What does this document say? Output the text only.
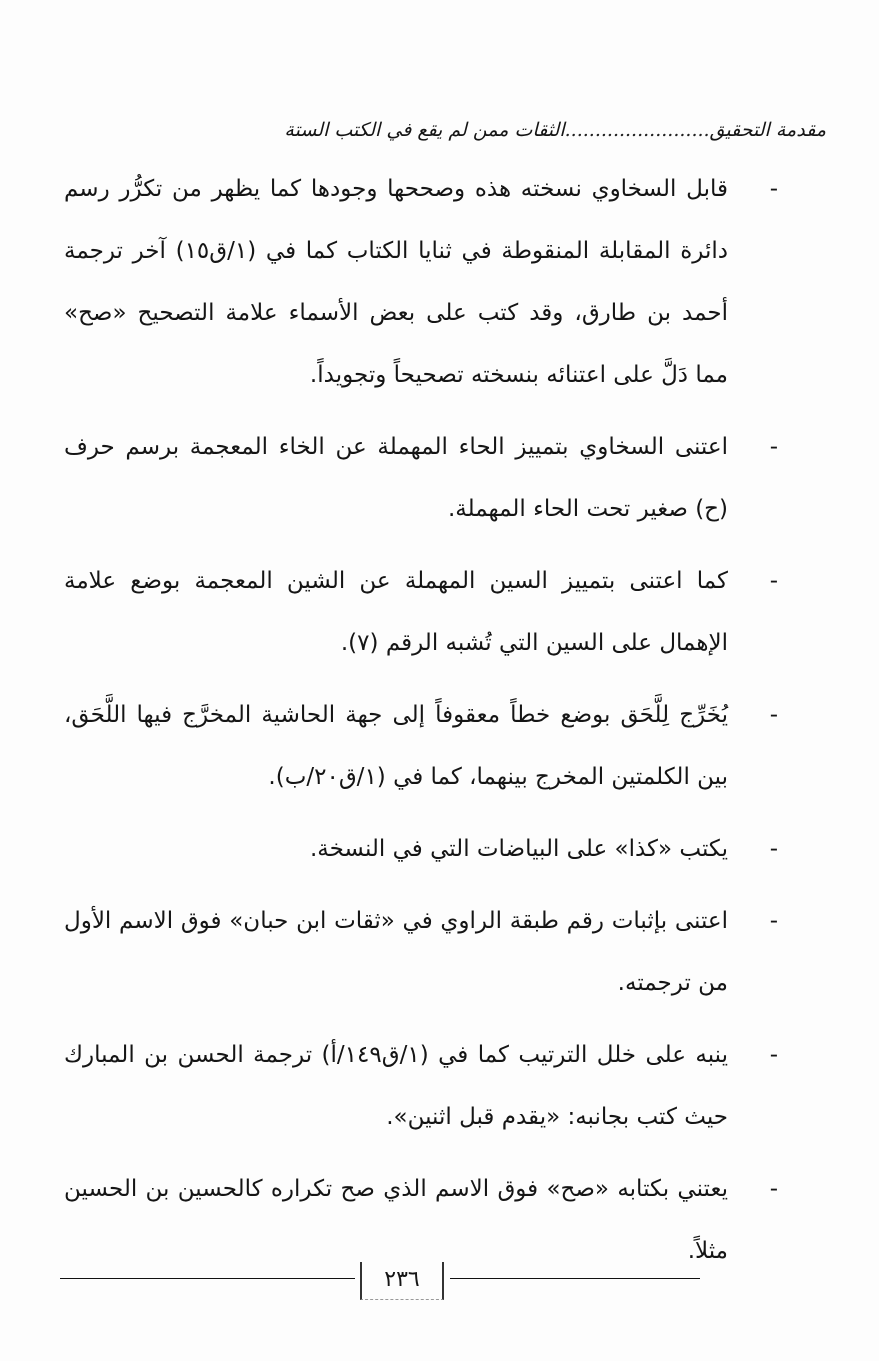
مقدمة التحقيق........................الثقات ممن لم يقع في الكتب الستة
-
قابل السخاوي نسخته هذه وصححها وجودها كما يظهر من تكرُّر رسم دائرة المقابلة المنقوطة في ثنايا الكتاب كما في (١/ق١٥) آخر ترجمة أحمد بن طارق، وقد كتب على بعض الأسماء علامة التصحيح «صح» مما دَلَّ على اعتنائه بنسخته تصحيحاً وتجويداً.
-
اعتنى السخاوي بتمييز الحاء المهملة عن الخاء المعجمة برسم حرف (ح) صغير تحت الحاء المهملة.
-
كما اعتنى بتمييز السين المهملة عن الشين المعجمة بوضع علامة الإهمال على السين التي تُشبه الرقم (٧).
-
يُخَرِّج لِلَّحَق بوضع خطاً معقوفاً إلى جهة الحاشية المخرَّج فيها اللَّحَق، بين الكلمتين المخرج بينهما، كما في (١/ق٢٠/ب).
-
يكتب «كذا» على البياضات التي في النسخة.
-
اعتنى بإثبات رقم طبقة الراوي في «ثقات ابن حبان» فوق الاسم الأول من ترجمته.
-
ينبه على خلل الترتيب كما في (١/ق١٤٩/أ) ترجمة الحسن بن المبارك حيث كتب بجانبه: «يقدم قبل اثنين».
-
يعتني بكتابه «صح» فوق الاسم الذي صح تكراره كالحسين بن الحسين مثلاً.
٢٣٦
